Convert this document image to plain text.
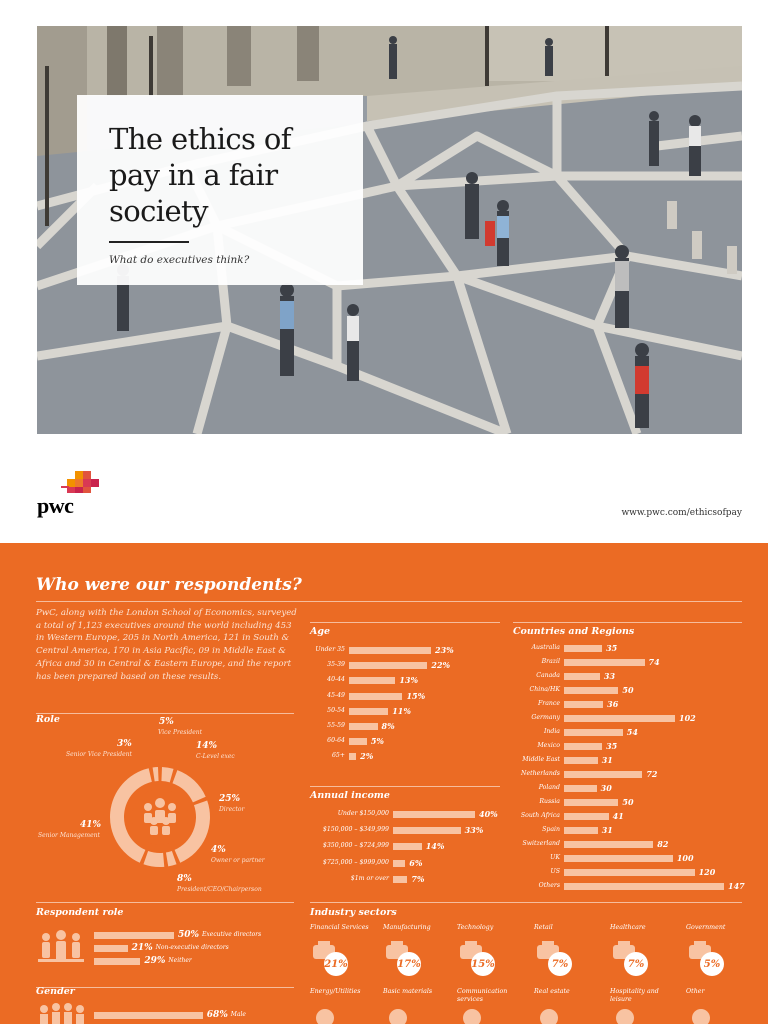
The ethics of pay in a fair society
What do executives think?
pwc	www.pwc.com/ethicsofpay
Who were our respondents?
PwC, along with the London School of Economics, surveyed a total of 1,123 executives around the world including 453 in Western Europe, 205 in North America, 121 in South & Central America, 170 in Asia Pacific, 09 in Middle East & Africa and 30 in Central & Eastern Europe, and the report has been prepared based on these results.
Role	5%
Vice President
14%
C-Level exec
25%
Director
4%
Owner or partner
8%
President/CEO/Chairperson
41%
Senior Management
3%
Senior Vice President
Respondent role
50% Executive directors
21% Non-executive directors
29% Neither
Gender
68% Male
Age
Under 35	23%
35-39	22%
40-44	13%
45-49	15%
50-54	11%
55-59	8%
60-64	5%
65+ 2%
Annual income
Under $150,000	40%
$150,000 – $349,999	33%
$350,000 – $724,999	14%
$725,000 – $999,000	6%
$1m or over	7%
Countries and Regions
Australia	35
Brazil	74
Canada	33
China/HK	50
France	36
Germany	102
India	54
Mexico	35
Middle East	31
Netherlands	72
Poland	30
Russia	50
South Africa	41
Spain	31
Switzerland	82
UK	100
US	120
Others	147
Industry sectors
Financial Services
21%
Manufacturing
17%
Technology
15%
Retail
7%
Healthcare
7%
Government
5%
Energy/Utilities	Basic materials	Communication services
Real estate	Hospitality and leisure
Other
